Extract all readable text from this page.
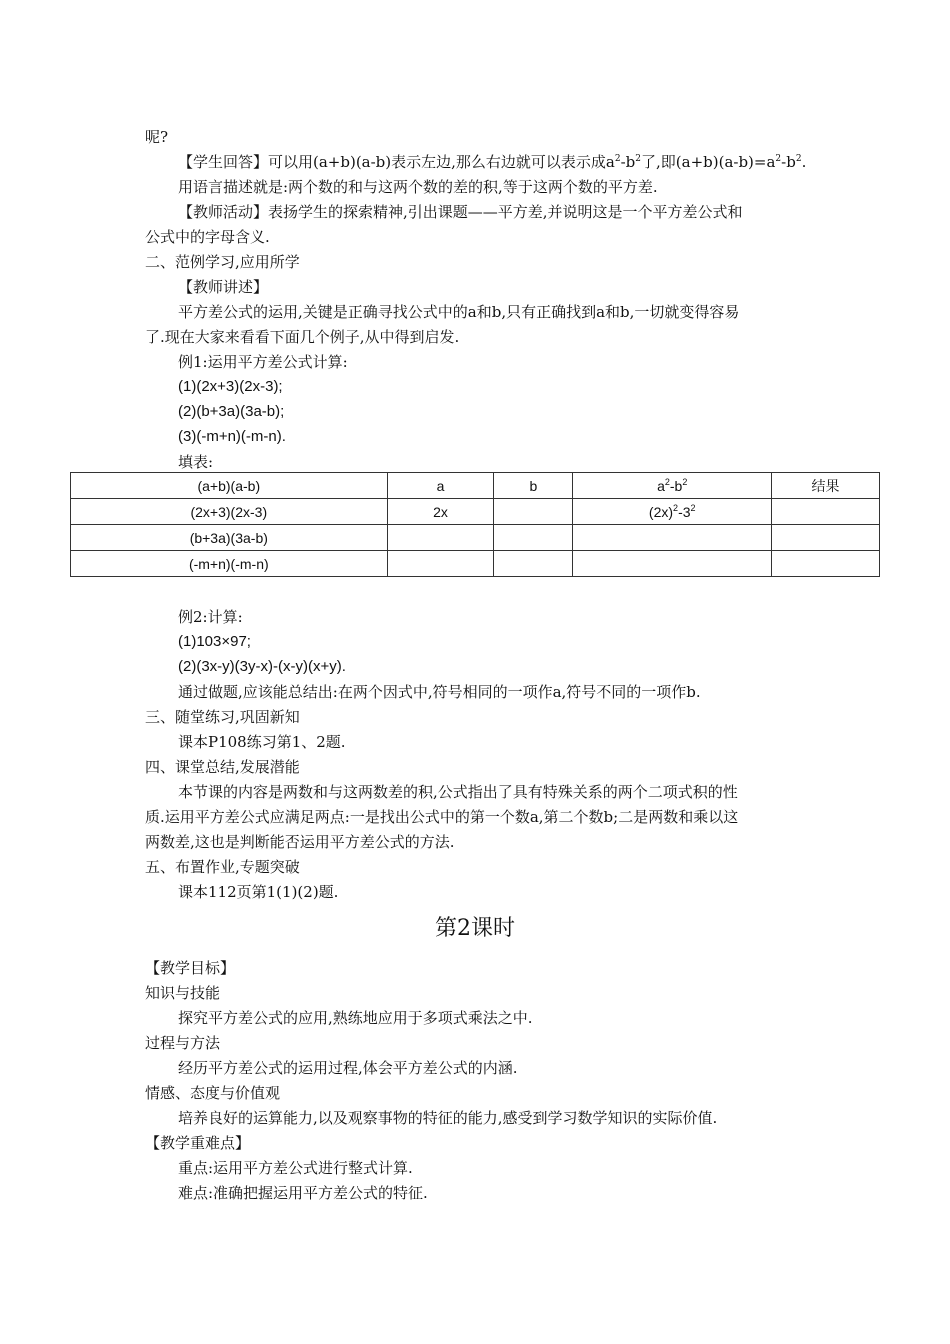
呢?
【学生回答】可以用(a+b)(a-b)表示左边,那么右边就可以表示成$a^2-b^2$了,即$(a+b)(a-b)=a^2-b^2$.
用语言描述就是:两个数的和与这两个数的差的积,等于这两个数的平方差.
【教师活动】表扬学生的探索精神,引出课题——平方差,并说明这是一个平方差公式和
公式中的字母含义.
二、范例学习,应用所学
【教师讲述】
平方差公式的运用,关键是正确寻找公式中的a和b,只有正确找到a和b,一切就变得容易
了.现在大家来看看下面几个例子,从中得到启发.
例1:运用平方差公式计算:
(1)(2x+3)(2x-3);
(2)(b+3a)(3a-b);
(3)(-m+n)(-m-n).
填表:
(a+b)(a-b)	a	b	$a^2-b^2$	结果
(2x+3)(2x-3)	2x		$(2x)^2-3^2$	
(b+3a)(3a-b)				
(-m+n)(-m-n)				
例2:计算:
(1)103×97;
(2)(3x-y)(3y-x)-(x-y)(x+y).
通过做题,应该能总结出:在两个因式中,符号相同的一项作a,符号不同的一项作b.
三、随堂练习,巩固新知
课本P108练习第1、2题.
四、课堂总结,发展潜能
本节课的内容是两数和与这两数差的积,公式指出了具有特殊关系的两个二项式积的性
质.运用平方差公式应满足两点:一是找出公式中的第一个数a,第二个数b;二是两数和乘以这
两数差,这也是判断能否运用平方差公式的方法.
五、布置作业,专题突破
课本112页第1(1)(2)题.
第2课时
【教学目标】
知识与技能
探究平方差公式的应用,熟练地应用于多项式乘法之中.
过程与方法
经历平方差公式的运用过程,体会平方差公式的内涵.
情感、态度与价值观
培养良好的运算能力,以及观察事物的特征的能力,感受到学习数学知识的实际价值.
【教学重难点】
重点:运用平方差公式进行整式计算.
难点:准确把握运用平方差公式的特征.
